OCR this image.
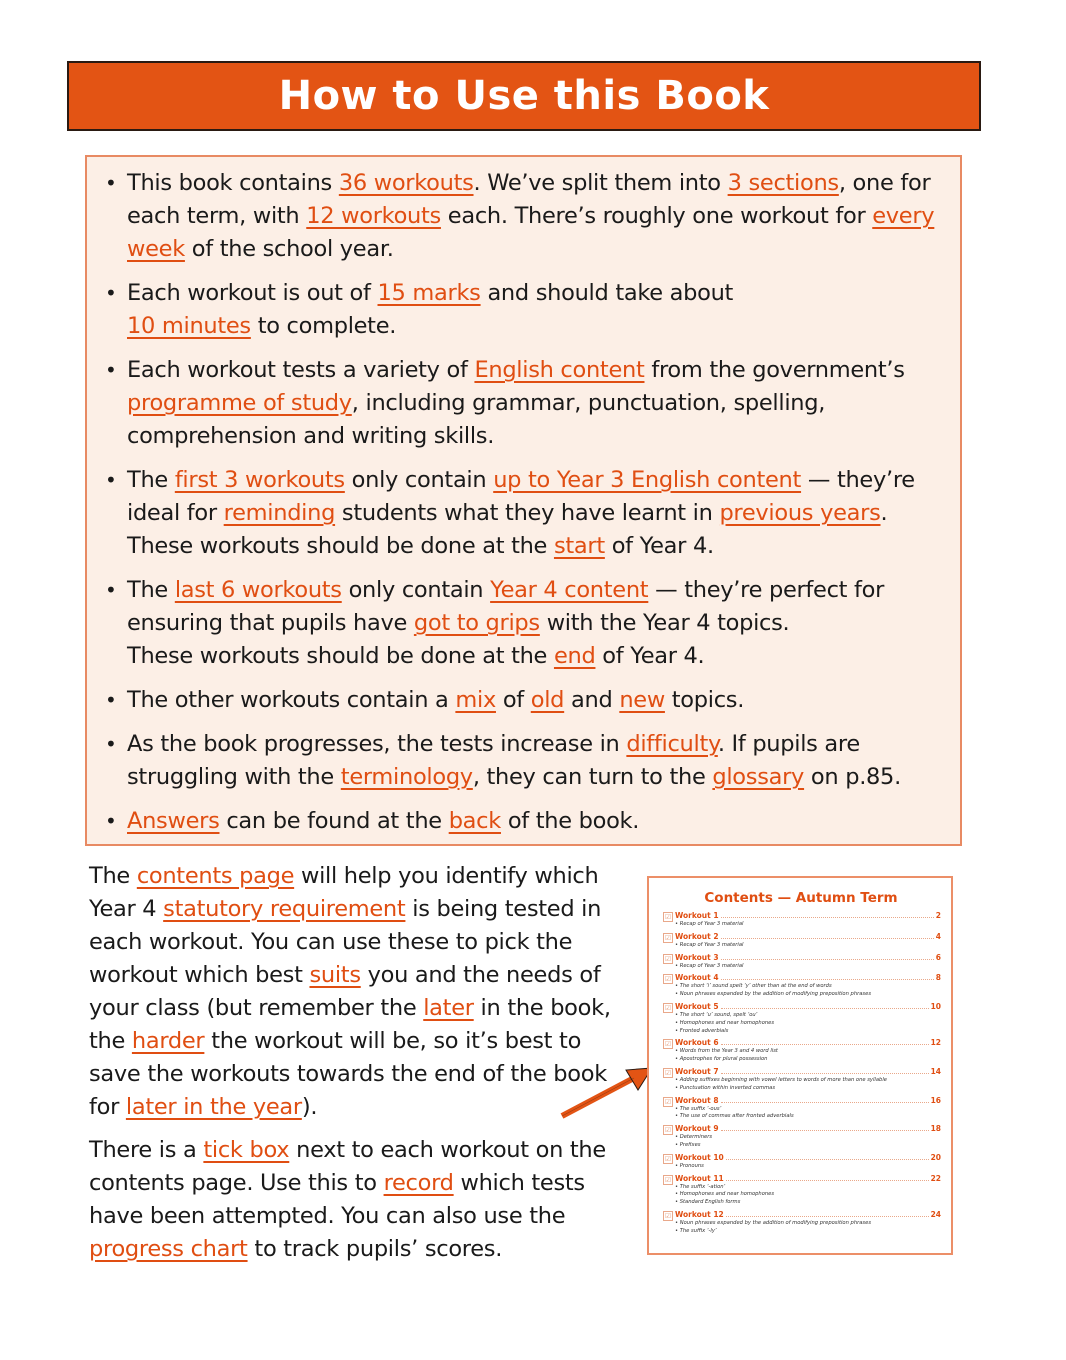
How to Use this Book
• This book contains 36 workouts. We’ve split them into 3 sections, one for each term, with 12 workouts each. There’s roughly one workout for every week of the school year.
• Each workout is out of 15 marks and should take about
10 minutes to complete.
• Each workout tests a variety of English content from the government’s programme of study, including grammar, punctuation, spelling, comprehension and writing skills.
• The first 3 workouts only contain up to Year 3 English content — they’re ideal for reminding students what they have learnt in previous years.
These workouts should be done at the start of Year 4.
• The last 6 workouts only contain Year 4 content — they’re perfect for ensuring that pupils have got to grips with the Year 4 topics.
These workouts should be done at the end of Year 4.
• The other workouts contain a mix of old and new topics.
• As the book progresses, the tests increase in difficulty. If pupils are struggling with the terminology, they can turn to the glossary on p.85.
• Answers can be found at the back of the book.

The contents page will help you identify which Year 4 statutory requirement is being tested in each workout. You can use these to pick the workout which best suits you and the needs of your class (but remember the later in the book, the harder the workout will be, so it’s best to save the workouts towards the end of the book for later in the year).

There is a tick box next to each workout on the contents page. Use this to record which tests have been attempted. You can also use the progress chart to track pupils’ scores.

Contents — Autumn Term
☑ Workout 1	2
• Recap of Year 3 material
☑ Workout 2	4
• Recap of Year 3 material
☑ Workout 3	6
• Recap of Year 3 material
☑ Workout 4	8
• The short ‘i’ sound spelt ‘y’ other than at the end of words
• Noun phrases expanded by the addition of modifying preposition phrases
☑ Workout 5	10
• The short ‘u’ sound, spelt ‘ou’
• Homophones and near homophones
• Fronted adverbials
☑ Workout 6	12
• Words from the Year 3 and 4 word list
• Apostrophes for plural possession
☑ Workout 7	14
• Adding suffixes beginning with vowel letters to words of more than one syllable
• Punctuation within inverted commas
☑ Workout 8	16
• The suffix ‘-ous’
• The use of commas after fronted adverbials
☑ Workout 9	18
• Determiners
• Prefixes
☑ Workout 10	20
• Pronouns
☑ Workout 11	22
• The suffix ‘-ation’
• Homophones and near homophones
• Standard English forms
☑ Workout 12	24
• Noun phrases expanded by the addition of modifying preposition phrases
• The suffix ‘-ly’
